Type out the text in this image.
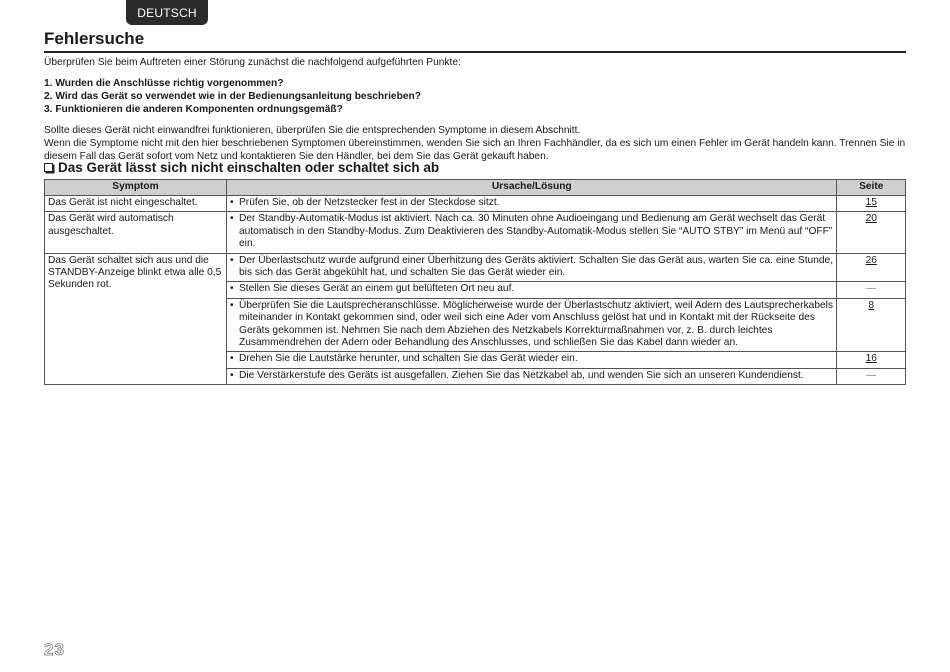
DEUTSCH
Fehlersuche

Überprüfen Sie beim Auftreten einer Störung zunächst die nachfolgend aufgeführten Punkte:

1. Wurden die Anschlüsse richtig vorgenommen?
2. Wird das Gerät so verwendet wie in der Bedienungsanleitung beschrieben?
3. Funktionieren die anderen Komponenten ordnungsgemäß?

Sollte dieses Gerät nicht einwandfrei funktionieren, überprüfen Sie die entsprechenden Symptome in diesem Abschnitt.

Wenn die Symptome nicht mit den hier beschriebenen Symptomen übereinstimmen, wenden Sie sich an Ihren Fachhändler, da es sich um einen Fehler im Gerät handeln kann. Trennen Sie in diesem Fall das Gerät sofort vom Netz und kontaktieren Sie den Händler, bei dem Sie das Gerät gekauft haben.

Das Gerät lässt sich nicht einschalten oder schaltet sich ab
Symptom	Ursache/Lösung	Seite
Das Gerät ist nicht eingeschaltet.	• Prüfen Sie, ob der Netzstecker fest in der Steckdose sitzt.	15
Das Gerät wird automatisch ausgeschaltet.	• Der Standby-Automatik-Modus ist aktiviert. Nach ca. 30 Minuten ohne Audioeingang und Bedienung am Gerät wechselt das Gerät automatisch in den Standby-Modus. Zum Deaktivieren des Standby-Automatik-Modus stellen Sie “AUTO STBY” im Menü auf “OFF” ein.	20
Das Gerät schaltet sich aus und die STANDBY-Anzeige blinkt etwa alle 0,5 Sekunden rot.	• Der Überlastschutz wurde aufgrund einer Überhitzung des Geräts aktiviert. Schalten Sie das Gerät aus, warten Sie ca. eine Stunde, bis sich das Gerät abgekühlt hat, und schalten Sie das Gerät wieder ein.	26

	• Stellen Sie dieses Gerät an einem gut belüfteten Ort neu auf.	—

	• Überprüfen Sie die Lautsprecheranschlüsse. Möglicherweise wurde der Überlastschutz aktiviert, weil Adern des Lautsprecherkabels miteinander in Kontakt gekommen sind, oder weil sich eine Ader vom Anschluss gelöst hat und in Kontakt mit der Rückseite des Geräts gekommen ist. Nehmen Sie nach dem Abziehen des Netzkabels Korrekturmaßnahmen vor, z. B. durch leichtes Zusammendrehen der Adern oder Behandlung des Anschlusses, und schließen Sie das Kabel dann wieder an.	8

	• Drehen Sie die Lautstärke herunter, und schalten Sie das Gerät wieder ein.	16

	• Die Verstärkerstufe des Geräts ist ausgefallen. Ziehen Sie das Netzkabel ab, und wenden Sie sich an unseren Kundendienst.	—
23
